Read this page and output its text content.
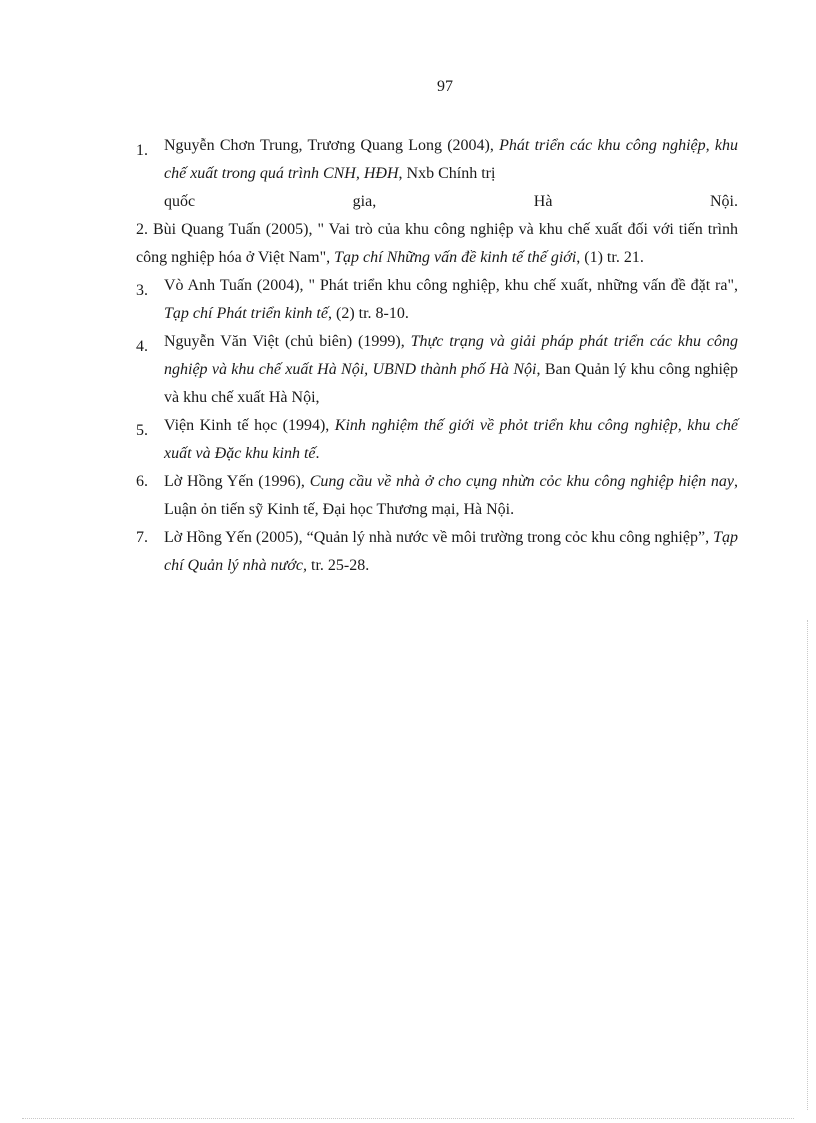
97
1.	Nguyễn Chơn Trung, Trương Quang Long (2004), Phát triển các khu công nghiệp, khu chế xuất trong quá trình CNH, HĐH, Nxb Chính trị
quốc	gia,	Hà	Nội.
2. Bùi Quang Tuấn (2005), " Vai trò của khu công nghiệp và khu chế xuất đối với tiến trình công nghiệp hóa ở Việt Nam", Tạp chí Những vấn đề kinh tế thế giới, (1) tr. 21.
3.	Vò Anh Tuấn (2004), " Phát triển khu công nghiệp, khu chế xuất, những vấn đề đặt ra", Tạp chí Phát triển kinh tế, (2) tr. 8-10.
4.	Nguyễn Văn Việt (chủ biên) (1999), Thực trạng và giải pháp phát triển các khu công nghiệp và khu chế xuất Hà Nội, UBND thành phố Hà Nội, Ban Quản lý khu công nghiệp và khu chế xuất Hà Nội,
5.	Viện Kinh tế học (1994), Kinh nghiệm thế giới về phỏt triển khu công nghiệp, khu chế xuất và Đặc khu kinh tế.
6.	Lờ Hồng Yến (1996), Cung cầu về nhà ở cho cụng nhừn cỏc khu công nghiệp hiện nay, Luận ỏn tiến sỹ Kinh tế, Đại học Thương mại, Hà Nội.
7.	Lờ Hồng Yến (2005), “Quản lý nhà nước về môi trường trong cỏc khu công nghiệp”, Tạp chí Quản lý nhà nước, tr. 25-28.
